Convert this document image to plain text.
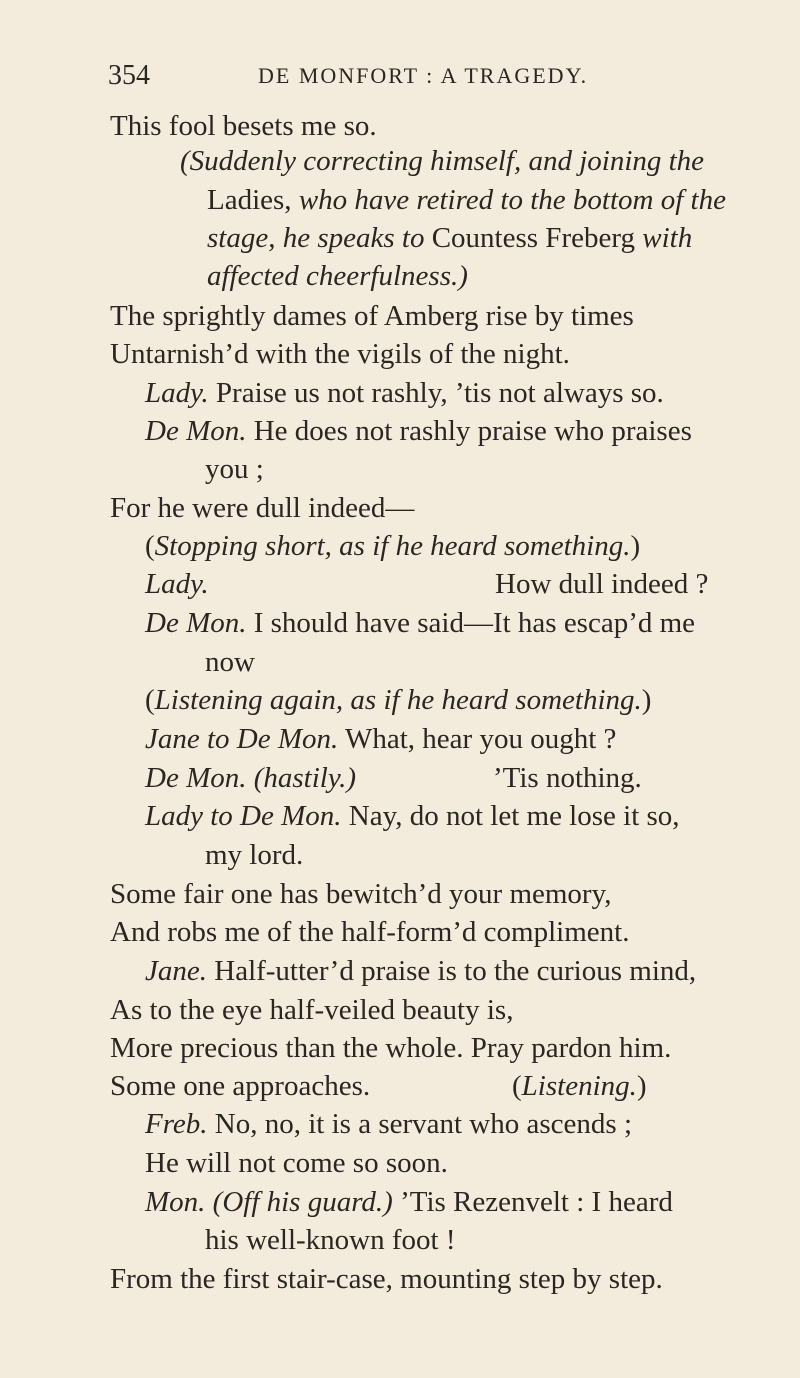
354	DE MONFORT : A TRAGEDY.
This fool besets me so.
(Suddenly correcting himself, and joining the
Ladies, who have retired to the bottom of the
stage, he speaks to Countess Freberg with
affected cheerfulness.)
The sprightly dames of Amberg rise by times
Untarnish’d with the vigils of the night.
Lady. Praise us not rashly, ’tis not always so.
De Mon. He does not rashly praise who praises
you ;
For he were dull indeed—
(Stopping short, as if he heard something.)
Lady.	How dull indeed ?
De Mon. I should have said—It has escap’d me
now
(Listening again, as if he heard something.)
Jane to De Mon. What, hear you ought ?
De Mon. (hastily.)	’Tis nothing.
Lady to De Mon. Nay, do not let me lose it so,
my lord.
Some fair one has bewitch’d your memory,
And robs me of the half-form’d compliment.
Jane. Half-utter’d praise is to the curious mind,
As to the eye half-veiled beauty is,
More precious than the whole. Pray pardon him.
Some one approaches.	(Listening.)
Freb. No, no, it is a servant who ascends ;
He will not come so soon.
Mon. (Off his guard.) ’Tis Rezenvelt : I heard
his well-known foot !
From the first stair-case, mounting step by step.
